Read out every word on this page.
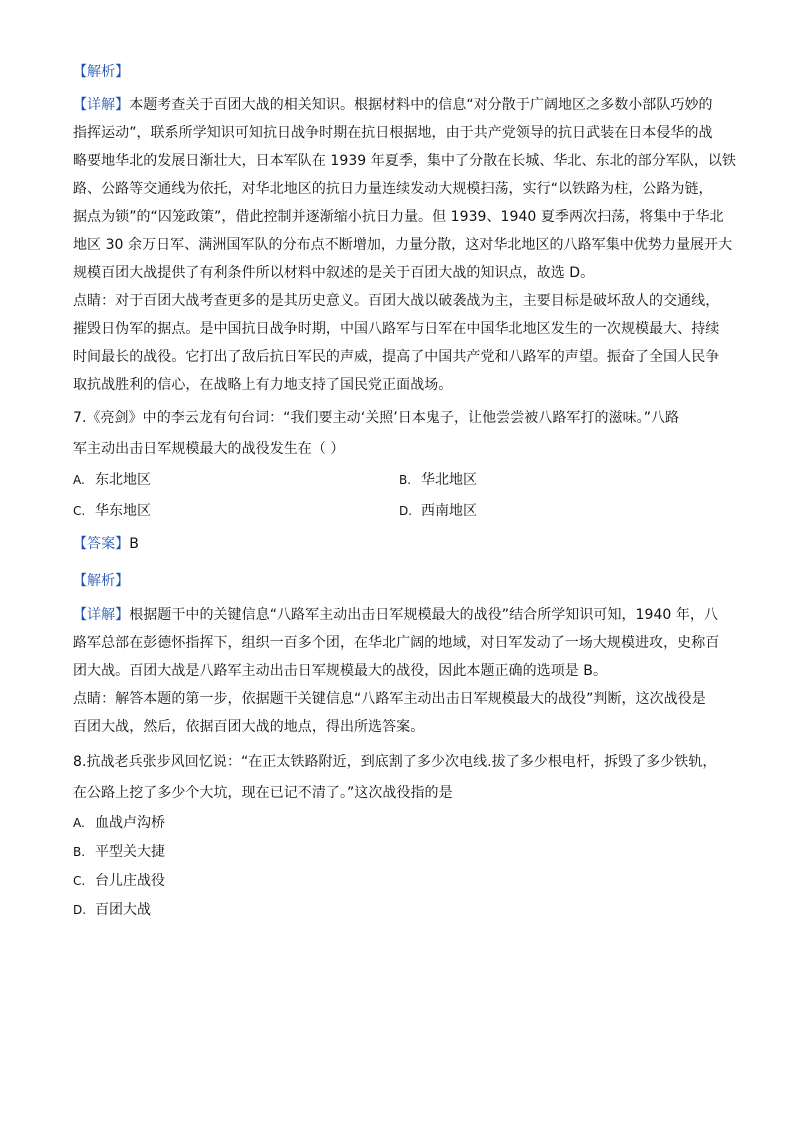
【解析】
【详解】本题考查关于百团大战的相关知识。根据材料中的信息“对分散于广阔地区之多数小部队巧妙的
指挥运动”，联系所学知识可知抗日战争时期在抗日根据地，由于共产党领导的抗日武装在日本侵华的战
略要地华北的发展日渐壮大，日本军队在 1939 年夏季，集中了分散在长城、华北、东北的部分军队，以铁
路、公路等交通线为依托，对华北地区的抗日力量连续发动大规模扫荡，实行“以铁路为柱，公路为链，
据点为锁”的“囚笼政策”，借此控制并逐渐缩小抗日力量。但 1939、1940 夏季两次扫荡，将集中于华北
地区 30 余万日军、满洲国军队的分布点不断增加，力量分散，这对华北地区的八路军集中优势力量展开大
规模百团大战提供了有利条件所以材料中叙述的是关于百团大战的知识点，故选 D。
点睛：对于百团大战考查更多的是其历史意义。百团大战以破袭战为主，主要目标是破坏敌人的交通线，
摧毁日伪军的据点。是中国抗日战争时期，中国八路军与日军在中国华北地区发生的一次规模最大、持续
时间最长的战役。它打出了敌后抗日军民的声威，提高了中国共产党和八路军的声望。振奋了全国人民争
取抗战胜利的信心，在战略上有力地支持了国民党正面战场。
7.《亮剑》中的李云龙有句台词：“我们要主动‘关照’日本鬼子，让他尝尝被八路军打的滋味。”八路
军主动出击日军规模最大的战役发生在（ ）
A. 东北地区	B. 华北地区
C. 华东地区	D. 西南地区
【答案】B
【解析】
【详解】根据题干中的关键信息“八路军主动出击日军规模最大的战役”结合所学知识可知，1940 年，八
路军总部在彭德怀指挥下，组织一百多个团，在华北广阔的地域，对日军发动了一场大规模进攻，史称百
团大战。百团大战是八路军主动出击日军规模最大的战役，因此本题正确的选项是 B。
点睛：解答本题的第一步，依据题干关键信息“八路军主动出击日军规模最大的战役”判断，这次战役是
百团大战，然后，依据百团大战的地点，得出所选答案。
8.抗战老兵张步风回忆说：“在正太铁路附近，到底割了多少次电线.拔了多少根电杆，拆毁了多少铁轨，
在公路上挖了多少个大坑，现在已记不清了。”这次战役指的是
A. 血战卢沟桥
B. 平型关大捷
C. 台儿庄战役
D. 百团大战
